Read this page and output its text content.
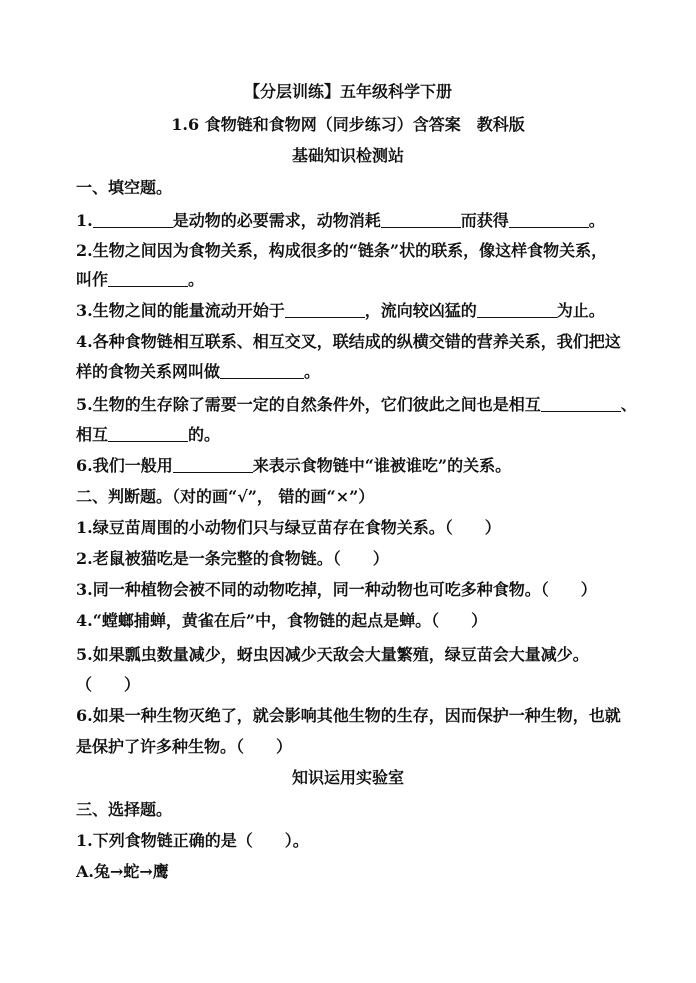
【分层训练】五年级科学下册
1.6 食物链和食物网（同步练习）含答案　教科版
基础知识检测站
一、填空题。
1.	是动物的必要需求，动物消耗	而获得	。
2.生物之间因为食物关系，构成很多的“链条”状的联系，像这样食物关系，
叫作	。
3.生物之间的能量流动开始于	，流向较凶猛的	为止。
4.各种食物链相互联系、相互交叉，联结成的纵横交错的营养关系，我们把这
样的食物关系网叫做	。
5.生物的生存除了需要一定的自然条件外，它们彼此之间也是相互	、
相互	的。
6.我们一般用	来表示食物链中“谁被谁吃”的关系。
二、判断题。（对的画“√”， 错的画“×”）
1.绿豆苗周围的小动物们只与绿豆苗存在食物关系。（　　）
2.老鼠被猫吃是一条完整的食物链。（　　）
3.同一种植物会被不同的动物吃掉，同一种动物也可吃多种食物。（　　）
4.“螳螂捕蝉，黄雀在后”中，食物链的起点是蝉。（　　）
5.如果瓢虫数量减少，蚜虫因减少天敌会大量繁殖，绿豆苗会大量减少。
（　　）
6.如果一种生物灭绝了，就会影响其他生物的生存，因而保护一种生物，也就
是保护了许多种生物。（　　）
知识运用实验室
三、选择题。
1.下列食物链正确的是（　　）。
A.兔→蛇→鹰
